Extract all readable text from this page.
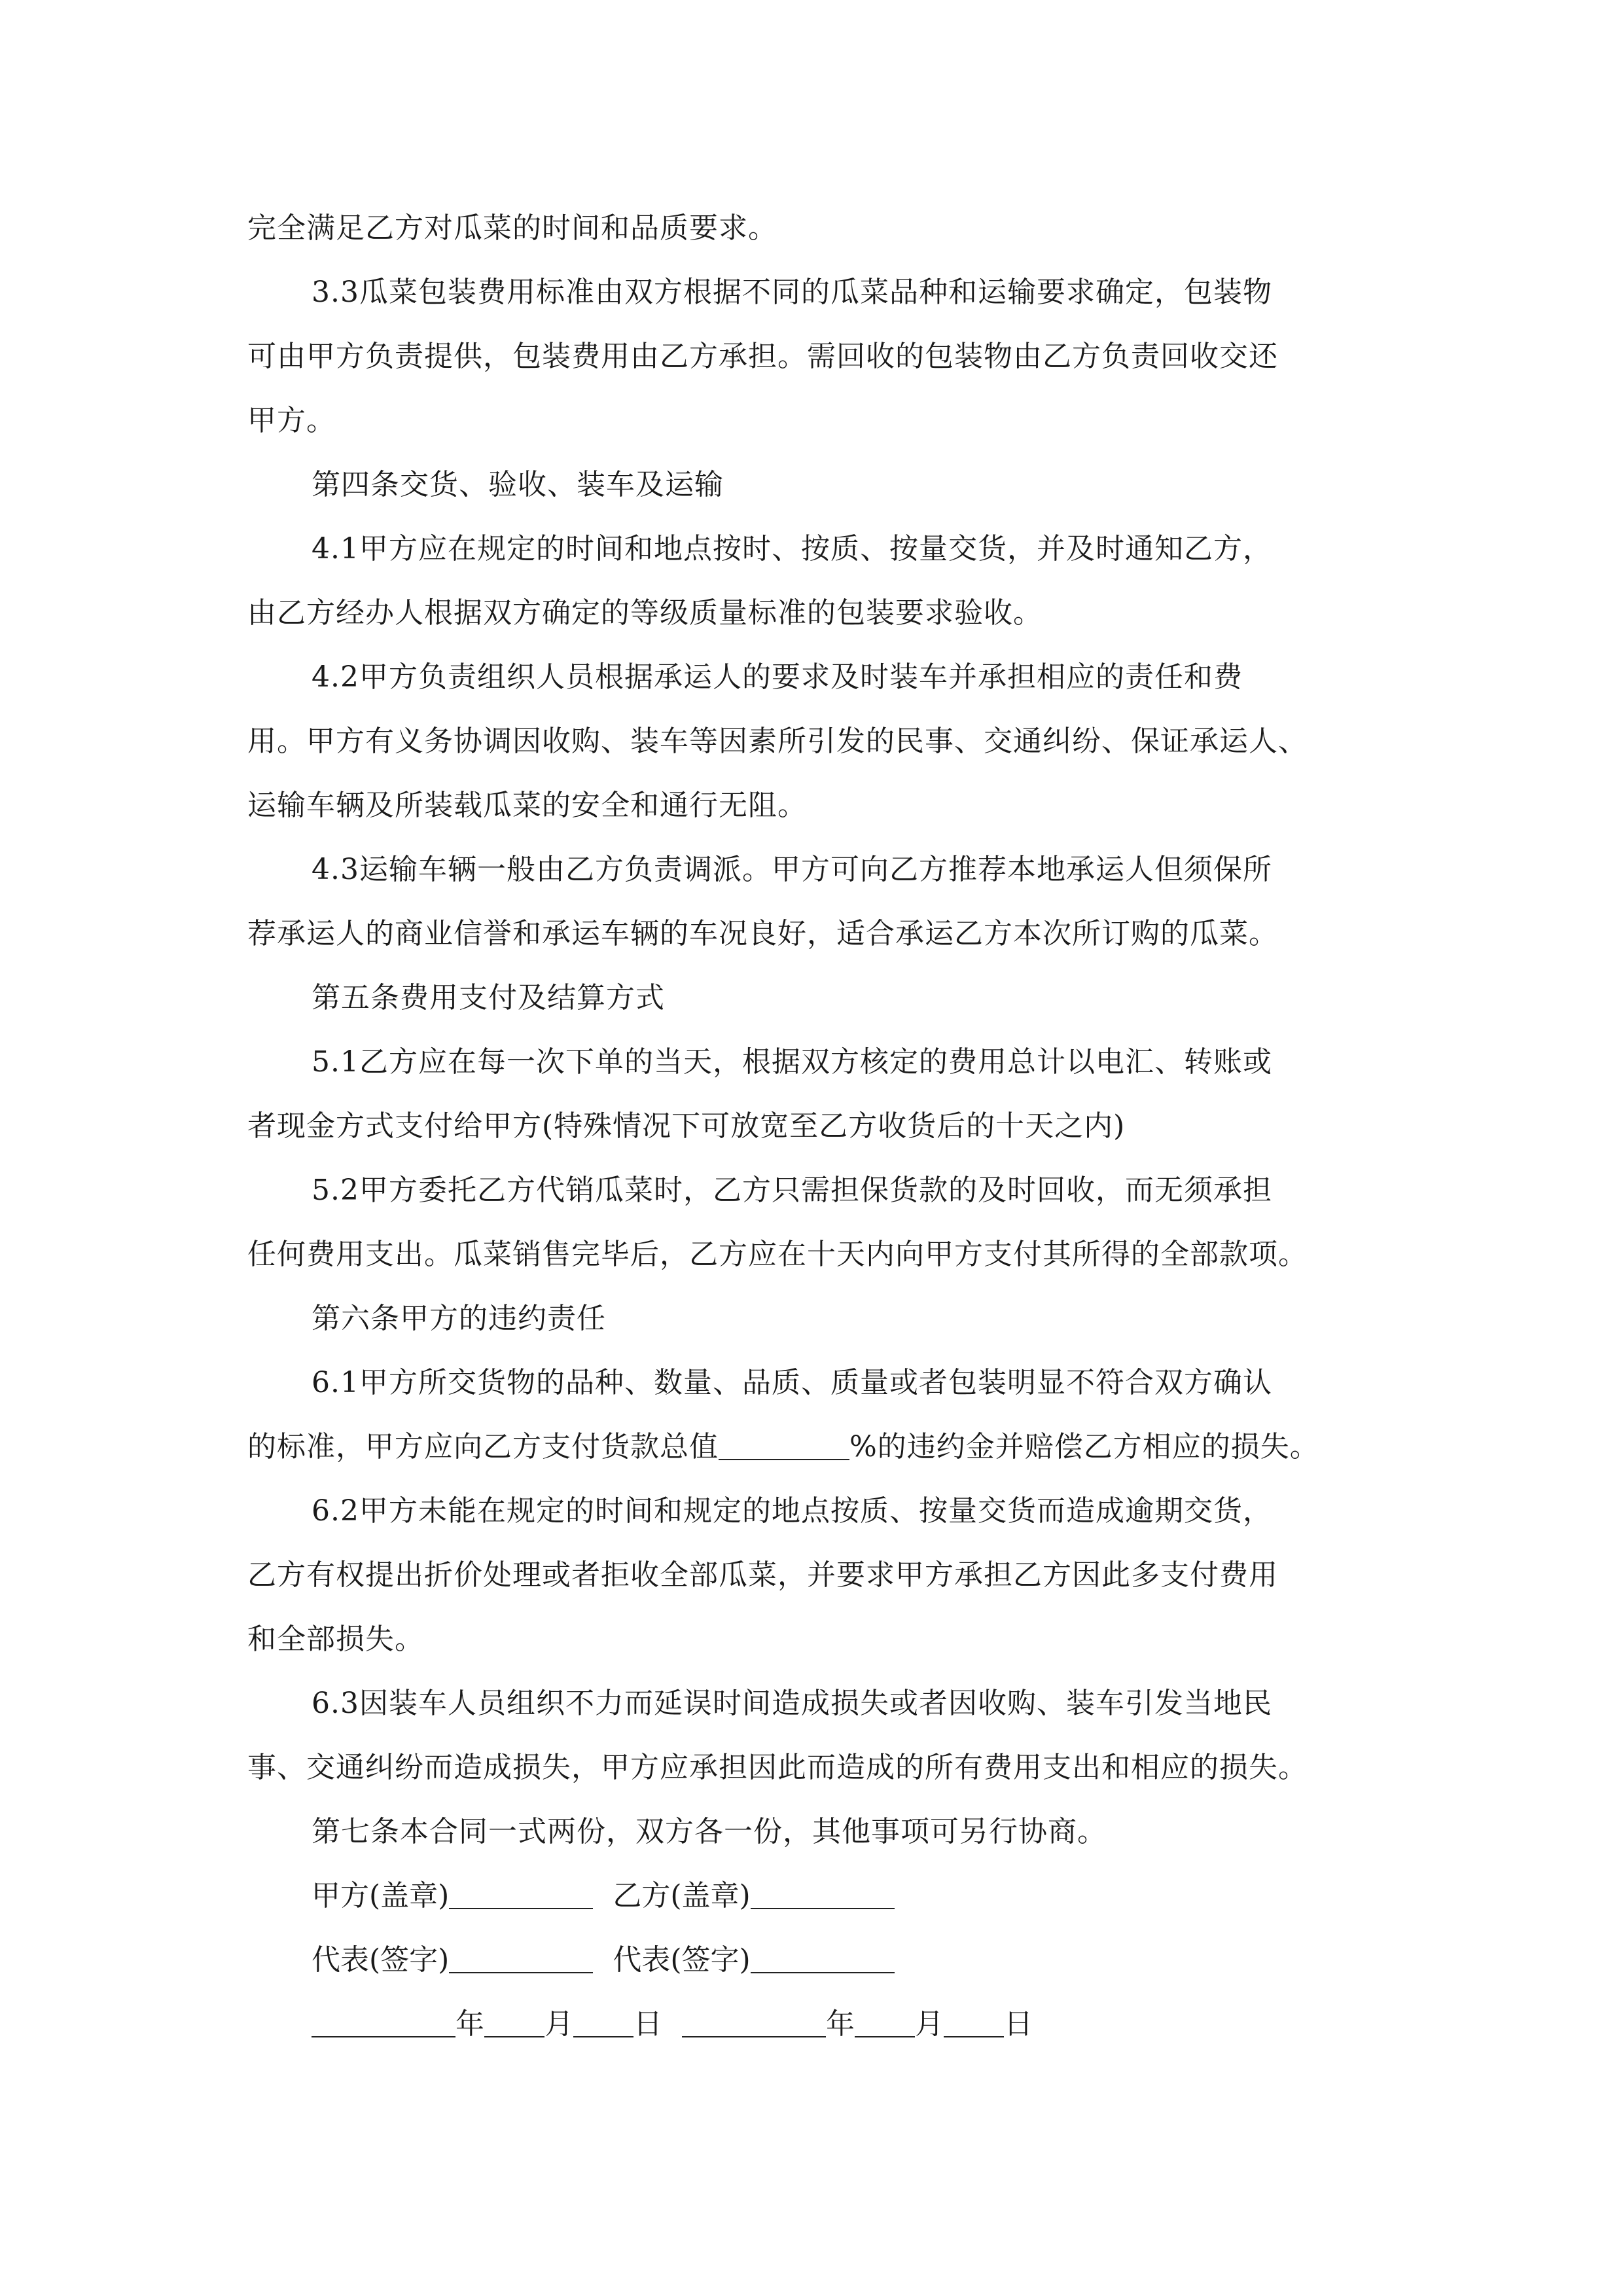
完全满足乙方对瓜菜的时间和品质要求。
3.3瓜菜包装费用标准由双方根据不同的瓜菜品种和运输要求确定，包装物
可由甲方负责提供，包装费用由乙方承担。需回收的包装物由乙方负责回收交还
甲方。
第四条交货、验收、装车及运输
4.1甲方应在规定的时间和地点按时、按质、按量交货，并及时通知乙方，
由乙方经办人根据双方确定的等级质量标准的包装要求验收。
4.2甲方负责组织人员根据承运人的要求及时装车并承担相应的责任和费
用。甲方有义务协调因收购、装车等因素所引发的民事、交通纠纷、保证承运人、
运输车辆及所装载瓜菜的安全和通行无阻。
4.3运输车辆一般由乙方负责调派。甲方可向乙方推荐本地承运人但须保所
荐承运人的商业信誉和承运车辆的车况良好，适合承运乙方本次所订购的瓜菜。
第五条费用支付及结算方式
5.1乙方应在每一次下单的当天，根据双方核定的费用总计以电汇、转账或
者现金方式支付给甲方(特殊情况下可放宽至乙方收货后的十天之内)
5.2甲方委托乙方代销瓜菜时，乙方只需担保货款的及时回收，而无须承担
任何费用支出。瓜菜销售完毕后，乙方应在十天内向甲方支付其所得的全部款项。
第六条甲方的违约责任
6.1甲方所交货物的品种、数量、品质、质量或者包装明显不符合双方确认
的标准，甲方应向乙方支付货款总值	%的违约金并赔偿乙方相应的损失。
6.2甲方未能在规定的时间和规定的地点按质、按量交货而造成逾期交货，
乙方有权提出折价处理或者拒收全部瓜菜，并要求甲方承担乙方因此多支付费用
和全部损失。
6.3因装车人员组织不力而延误时间造成损失或者因收购、装车引发当地民
事、交通纠纷而造成损失，甲方应承担因此而造成的所有费用支出和相应的损失。
第七条本合同一式两份，双方各一份，其他事项可另行协商。
甲方(盖章)	乙方(盖章)
代表(签字)	代表(签字)
年 月 日	年 月 日
